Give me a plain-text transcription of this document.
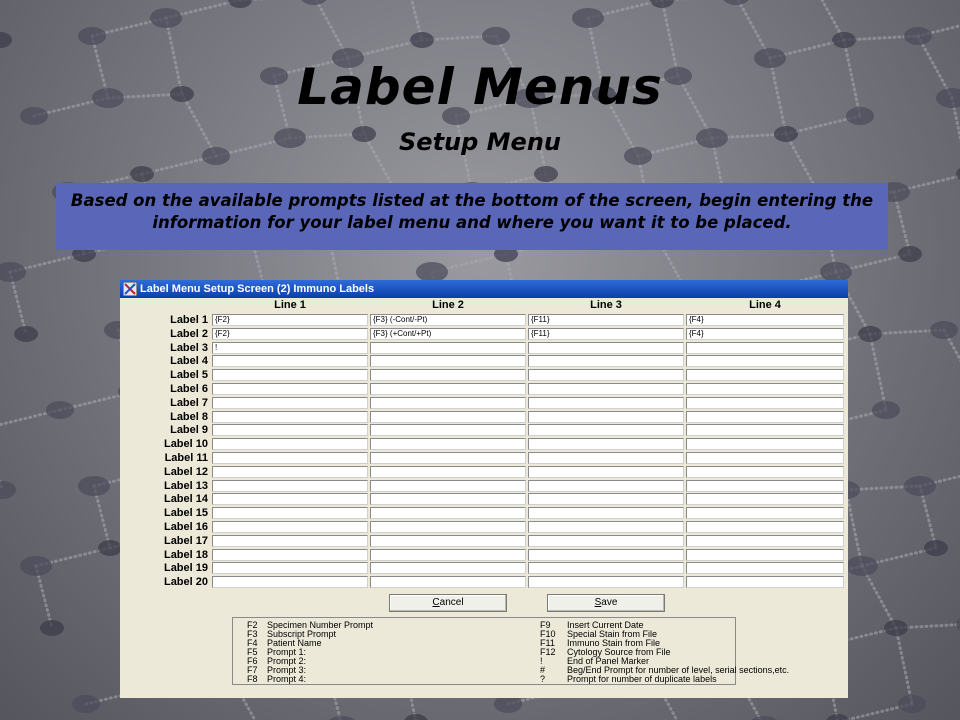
Label Menus
Setup Menu
Based on the available prompts listed at the bottom of the screen, begin entering the information for your label menu and where you want it to be placed.
Label Menu Setup Screen (2) Immuno Labels
Line 1	Line 2	Line 3	Line 4
Label 1 {F2}	{F3} (-Cont/-Pt)	{F11}	{F4}
Label 2 {F2}	{F3} (+Cont/+Pt)	{F11}	{F4}
Label 3 !
Label 4
Label 5
Label 6
Label 7
Label 8
Label 9
Label 10
Label 11
Label 12
Label 13
Label 14
Label 15
Label 16
Label 17
Label 18
Label 19
Label 20
Cancel	Save
F2 Specimen Number Prompt
F3 Subscript Prompt
F4 Patient Name
F5 Prompt 1:
F6 Prompt 2:
F7 Prompt 3:
F8 Prompt 4:
F9 Insert Current Date
F10 Special Stain from File
F11 Immuno Stain from File
F12 Cytology Source from File
!	End of Panel Marker
# Beg/End Prompt for number of level, serial sections,etc.
? Prompt for number of duplicate labels
